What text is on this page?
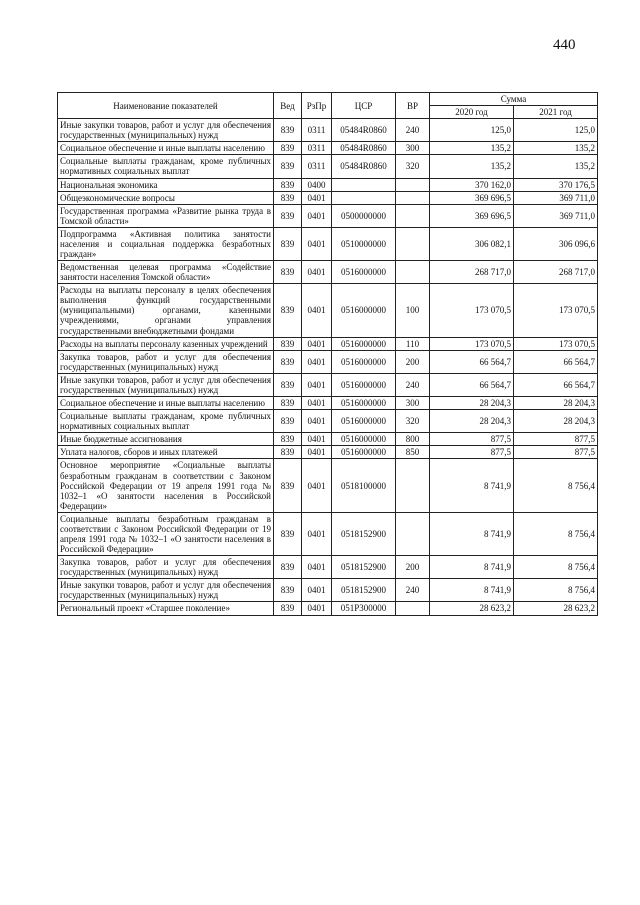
440
Наименование показателей	Вед	РзПр	ЦСР	ВР	Сумма	
					2020 год	2021 год
Иные закупки товаров, работ и услуг для обеспечения государственных (муниципальных) нужд	839	0311	05484R0860	240	125,0	125,0
Социальное обеспечение и иные выплаты населению	839	0311	05484R0860	300	135,2	135,2
Социальные выплаты гражданам, кроме публичных нормативных социальных выплат	839	0311	05484R0860	320	135,2	135,2
Национальная экономика	839	0400			370 162,0	370 176,5
Общеэкономические вопросы	839	0401			369 696,5	369 711,0
Государственная программа «Развитие рынка труда в Томской области»	839	0401	0500000000		369 696,5	369 711,0
Подпрограмма «Активная политика занятости населения и социальная поддержка безработных граждан»	839	0401	0510000000		306 082,1	306 096,6
Ведомственная целевая программа «Содействие занятости населения Томской области»	839	0401	0516000000		268 717,0	268 717,0
Расходы на выплаты персоналу в целях обеспечения выполнения функций государственными (муниципальными) органами, казенными учреждениями, органами управления государственными внебюджетными фондами	839	0401	0516000000	100	173 070,5	173 070,5
Расходы на выплаты персоналу казенных учреждений	839	0401	0516000000	110	173 070,5	173 070,5
Закупка товаров, работ и услуг для обеспечения государственных (муниципальных) нужд	839	0401	0516000000	200	66 564,7	66 564,7
Иные закупки товаров, работ и услуг для обеспечения государственных (муниципальных) нужд	839	0401	0516000000	240	66 564,7	66 564,7
Социальное обеспечение и иные выплаты населению	839	0401	0516000000	300	28 204,3	28 204,3
Социальные выплаты гражданам, кроме публичных нормативных социальных выплат	839	0401	0516000000	320	28 204,3	28 204,3
Иные бюджетные ассигнования	839	0401	0516000000	800	877,5	877,5
Уплата налогов, сборов и иных платежей	839	0401	0516000000	850	877,5	877,5
Основное мероприятие «Социальные выплаты безработным гражданам в соответствии с Законом Российской Федерации от 19 апреля 1991 года № 1032–1 «О занятости населения в Российской Федерации»	839	0401	0518100000		8 741,9	8 756,4
Социальные выплаты безработным гражданам в соответствии с Законом Российской Федерации от 19 апреля 1991 года № 1032–1 «О занятости населения в Российской Федерации»	839	0401	0518152900		8 741,9	8 756,4
Закупка товаров, работ и услуг для обеспечения государственных (муниципальных) нужд	839	0401	0518152900	200	8 741,9	8 756,4
Иные закупки товаров, работ и услуг для обеспечения государственных (муниципальных) нужд	839	0401	0518152900	240	8 741,9	8 756,4
Региональный проект «Старшее поколение»	839	0401	051P300000		28 623,2	28 623,2
